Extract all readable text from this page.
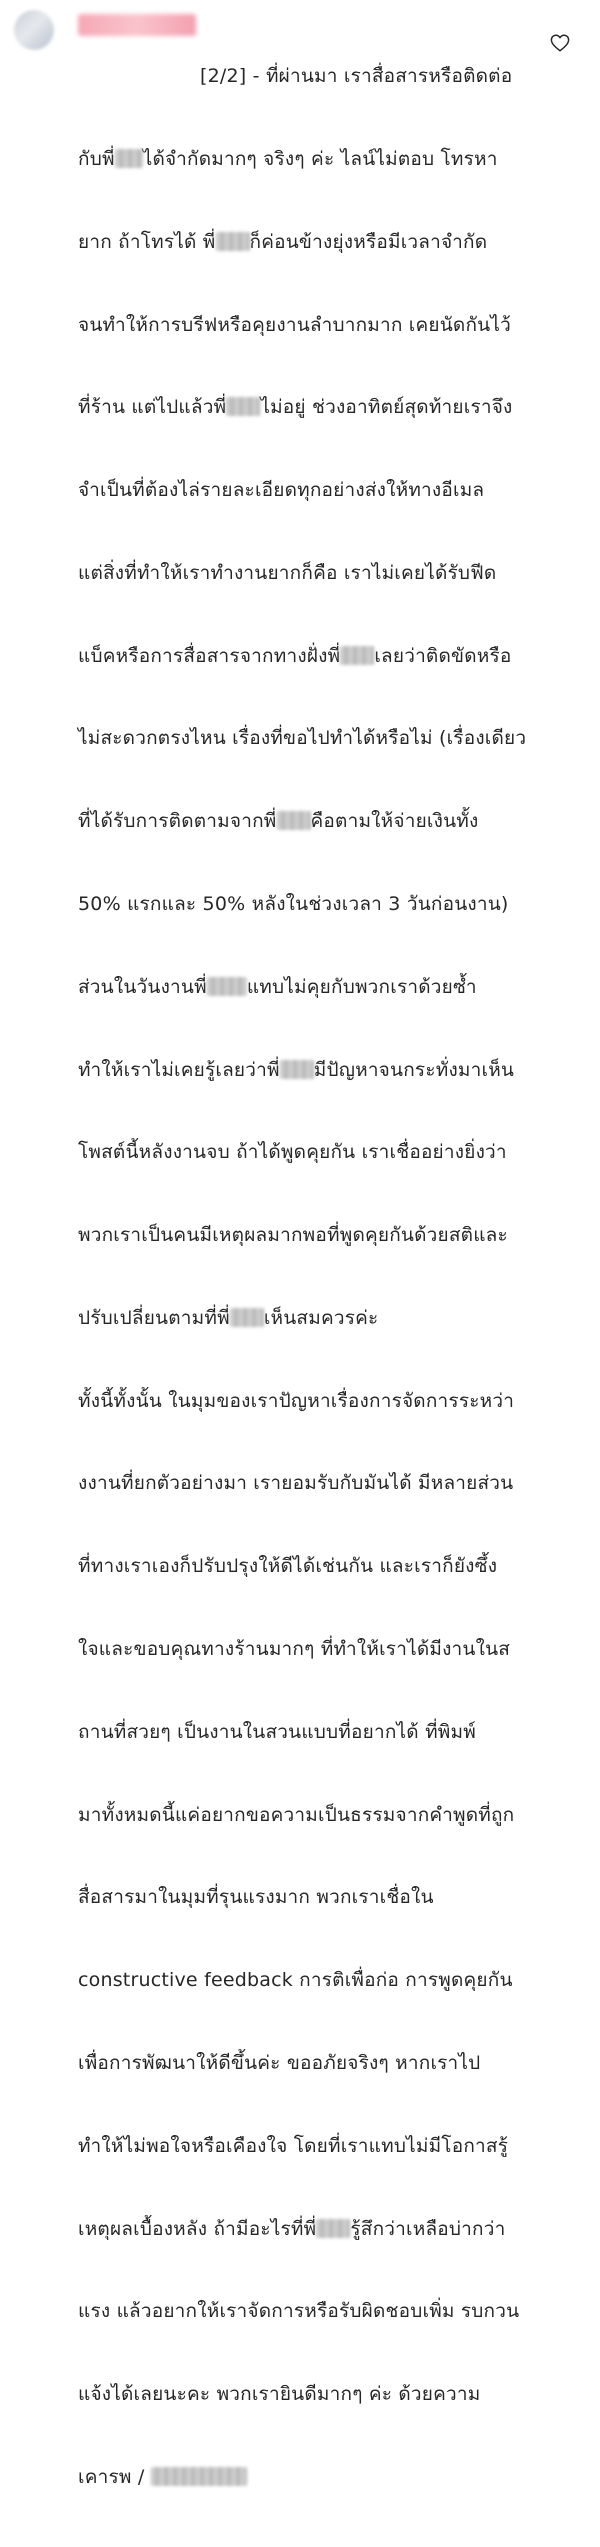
[2/2] - ที่ผ่านมา เราสื่อสารหรือติดต่อ

กับพี่ ได้จำกัดมากๆ จริงๆ ค่ะ ไลน์ไม่ตอบ โทรหา

ยาก ถ้าโทรได้ พี่ ก็ค่อนข้างยุ่งหรือมีเวลาจำกัด

จนทำให้การบรีฟหรือคุยงานลำบากมาก เคยนัดกันไว้

ที่ร้าน แต่ไปแล้วพี่ ไม่อยู่ ช่วงอาทิตย์สุดท้ายเราจึง

จำเป็นที่ต้องไล่รายละเอียดทุกอย่างส่งให้ทางอีเมล

แต่สิ่งที่ทำให้เราทำงานยากก็คือ เราไม่เคยได้รับฟีด

แบ็คหรือการสื่อสารจากทางฝั่งพี่ เลยว่าติดขัดหรือ

ไม่สะดวกตรงไหน เรื่องที่ขอไปทำได้หรือไม่ (เรื่องเดียว

ที่ได้รับการติดตามจากพี่ คือตามให้จ่ายเงินทั้ง

50% แรกและ 50% หลังในช่วงเวลา 3 วันก่อนงาน)

ส่วนในวันงานพี่ แทบไม่คุยกับพวกเราด้วยซ้ำ

ทำให้เราไม่เคยรู้เลยว่าพี่ มีปัญหาจนกระทั่งมาเห็น

โพสต์นี้หลังงานจบ ถ้าได้พูดคุยกัน เราเชื่ออย่างยิ่งว่า

พวกเราเป็นคนมีเหตุผลมากพอที่พูดคุยกันด้วยสติและ

ปรับเปลี่ยนตามที่พี่ เห็นสมควรค่ะ

ทั้งนี้ทั้งนั้น ในมุมของเราปัญหาเรื่องการจัดการระหว่า

งงานที่ยกตัวอย่างมา เรายอมรับกับมันได้ มีหลายส่วน

ที่ทางเราเองก็ปรับปรุงให้ดีได้เช่นกัน และเราก็ยังซึ้ง

ใจและขอบคุณทางร้านมากๆ ที่ทำให้เราได้มีงานในส

ถานที่สวยๆ เป็นงานในสวนแบบที่อยากได้ ที่พิมพ์

มาทั้งหมดนี้แค่อยากขอความเป็นธรรมจากคำพูดที่ถูก

สื่อสารมาในมุมที่รุนแรงมาก พวกเราเชื่อใน

constructive feedback การติเพื่อก่อ การพูดคุยกัน

เพื่อการพัฒนาให้ดีขึ้นค่ะ ขออภัยจริงๆ หากเราไป

ทำให้ไม่พอใจหรือเคืองใจ โดยที่เราแทบไม่มีโอกาสรู้

เหตุผลเบื้องหลัง ถ้ามีอะไรที่พี่ รู้สึกว่าเหลือบ่ากว่า

แรง แล้วอยากให้เราจัดการหรือรับผิดชอบเพิ่ม รบกวน

แจ้งได้เลยนะคะ พวกเรายินดีมากๆ ค่ะ ด้วยความ

เคารพ /
